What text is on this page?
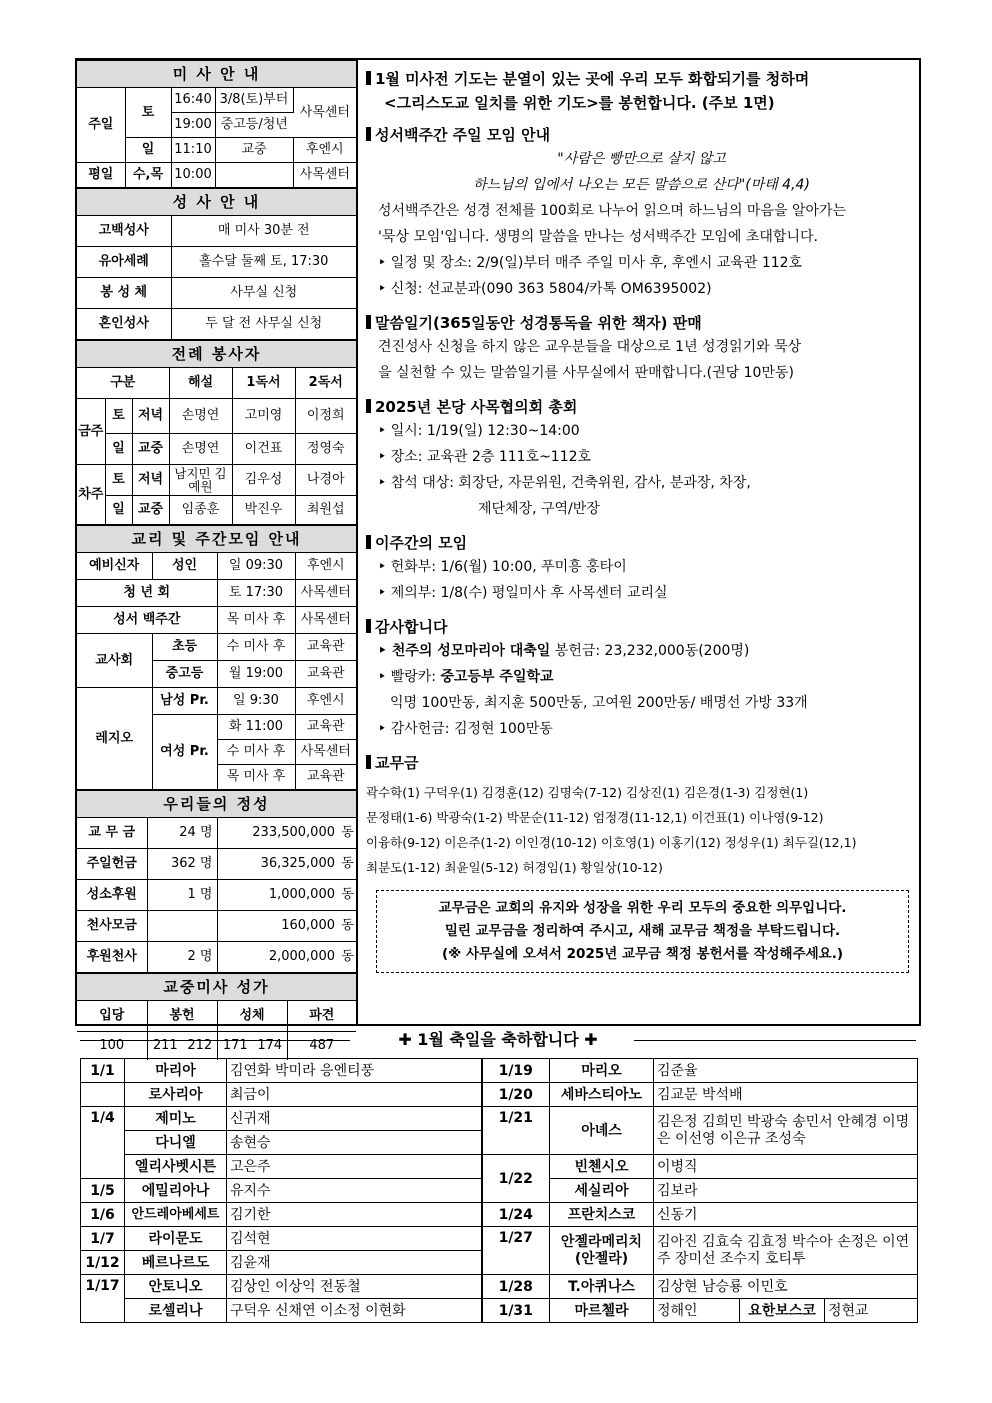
미 사 안 내				
주일	토	16:40	3/8(토)부터	사목센터
		19:00	중고등/청년	
	일	11:10	교중	후엔시
평일	수,목	10:00		사목센터
성 사 안 내	
고백성사	매 미사 30분 전
유아세례	홀수달 둘째 토, 17:30
봉 성 체	사무실 신청
혼인성사	두 달 전 사무실 신청
전례 봉사자					
구분			해설	1독서	2독서
금주	토	저녁	손명연	고미영	이정희
	일	교중	손명연	이건표	정영숙
차주	토	저녁	남지민 김예원	김우성	나경아
	일	교중	임종훈	박진우	최원섭
교리 및 주간모임 안내			
예비신자	성인	일 09:30	후엔시
청 년 회		토 17:30	사목센터
성서 백주간		목 미사 후	사목센터
교사회	초등	수 미사 후	교육관
	중고등	월 19:00	교육관
레지오	남성 Pr.	일 9:30	후엔시
	여성 Pr.	화 11:00	교육관
		수 미사 후	사목센터
		목 미사 후	교육관
우리들의 정성			
교 무 금	24 명	233,500,000	동
주일헌금	362 명	36,325,000	동
성소후원	1 명	1,000,000	동
천사모금		160,000	동
후원천사	2 명	2,000,000	동
교중미사 성가					
입당	봉헌		성체		파견
100	211	212	171	174	487
1월 미사전 기도는 분열이 있는 곳에 우리 모두 화합되기를 청하며
<그리스도교 일치를 위한 기도>를 봉헌합니다. (주보 1면)
성서백주간 주일 모임 안내
"사람은 빵만으로 살지 않고
하느님의 입에서 나오는 모든 말씀으로 산다"(마태 4,4)
성서백주간은 성경 전체를 100회로 나누어 읽으며 하느님의 마음을 알아가는
'묵상 모임'입니다. 생명의 말씀을 만나는 성서백주간 모임에 초대합니다.
‣ 일정 및 장소: 2/9(일)부터 매주 주일 미사 후, 후엔시 교육관 112호
‣ 신청: 선교분과(090 363 5804/카톡 OM6395002)
말씀일기(365일동안 성경통독을 위한 책자) 판매
견진성사 신청을 하지 않은 교우분들을 대상으로 1년 성경읽기와 묵상
을 실천할 수 있는 말씀일기를 사무실에서 판매합니다.(권당 10만동)
2025년 본당 사목협의회 총회
‣ 일시: 1/19(일) 12:30~14:00
‣ 장소: 교육관 2층 111호~112호
‣ 참석 대상: 회장단, 자문위원, 건축위원, 감사, 분과장, 차장,
제단체장, 구역/반장
이주간의 모임
‣ 헌화부: 1/6(월) 10:00, 푸미흥 홍타이
‣ 제의부: 1/8(수) 평일미사 후 사목센터 교리실
감사합니다
‣ 천주의 성모마리아 대축일 봉헌금: 23,232,000동(200명)
‣ 빨랑카: 중고등부 주일학교
익명 100만동, 최지훈 500만동, 고여원 200만동/ 배명선 가방 33개
‣ 감사헌금: 김정현 100만동
교무금
곽수학(1) 구덕우(1) 김경훈(12) 김명숙(7-12) 김상진(1) 김은경(1-3) 김정현(1)
문정태(1-6) 박광숙(1-2) 박문순(11-12) 엄정경(11-12,1) 이건표(1) 이나영(9-12)
이융하(9-12) 이은주(1-2) 이인경(10-12) 이호영(1) 이홍기(12) 정성우(1) 최두길(12,1)
최분도(1-12) 최윤일(5-12) 허경임(1) 황일상(10-12)
교무금은 교회의 유지와 성장을 위한 우리 모두의 중요한 의무입니다.
밀린 교무금을 정리하여 주시고, 새해 교무금 책정을 부탁드립니다.
(※ 사무실에 오셔서 2025년 교무금 책정 봉헌서를 작성해주세요.)
✚ 1월 축일을 축하합니다 ✚
1/1	마리아	김연화 박미라 응엔티풍	1/19	마리오	김준율		
	로사리아	최금이	1/20	세바스티아노	김교문 박석배		
1/4	제미노	신귀재	1/21	아녜스	김은정 김희민 박광숙 송민서 안혜경 이명은 이선영 이은규 조성숙		
	다니엘	송현승					
	엘리사벳시튼	고은주	1/22	빈첸시오	이병직		
1/5	에밀리아나	유지수		세실리아	김보라		
1/6	안드레아베세트	김기한	1/24	프란치스코	신동기		
1/7	라이문도	김석현	1/27	안젤라메리치 (안젤라)	김아진 김효숙 김효정 박수아 손정은 이연주 장미선 조수지 호티투		
1/12	베르나르도	김윤재					
1/17	안토니오	김상인 이상익 전동철	1/28	T.아퀴나스	김상현 남승룡 이민호		
	로셀리나	구덕우 신채연 이소정 이현화	1/31	마르첼라	정해인	요한보스코	정현교
